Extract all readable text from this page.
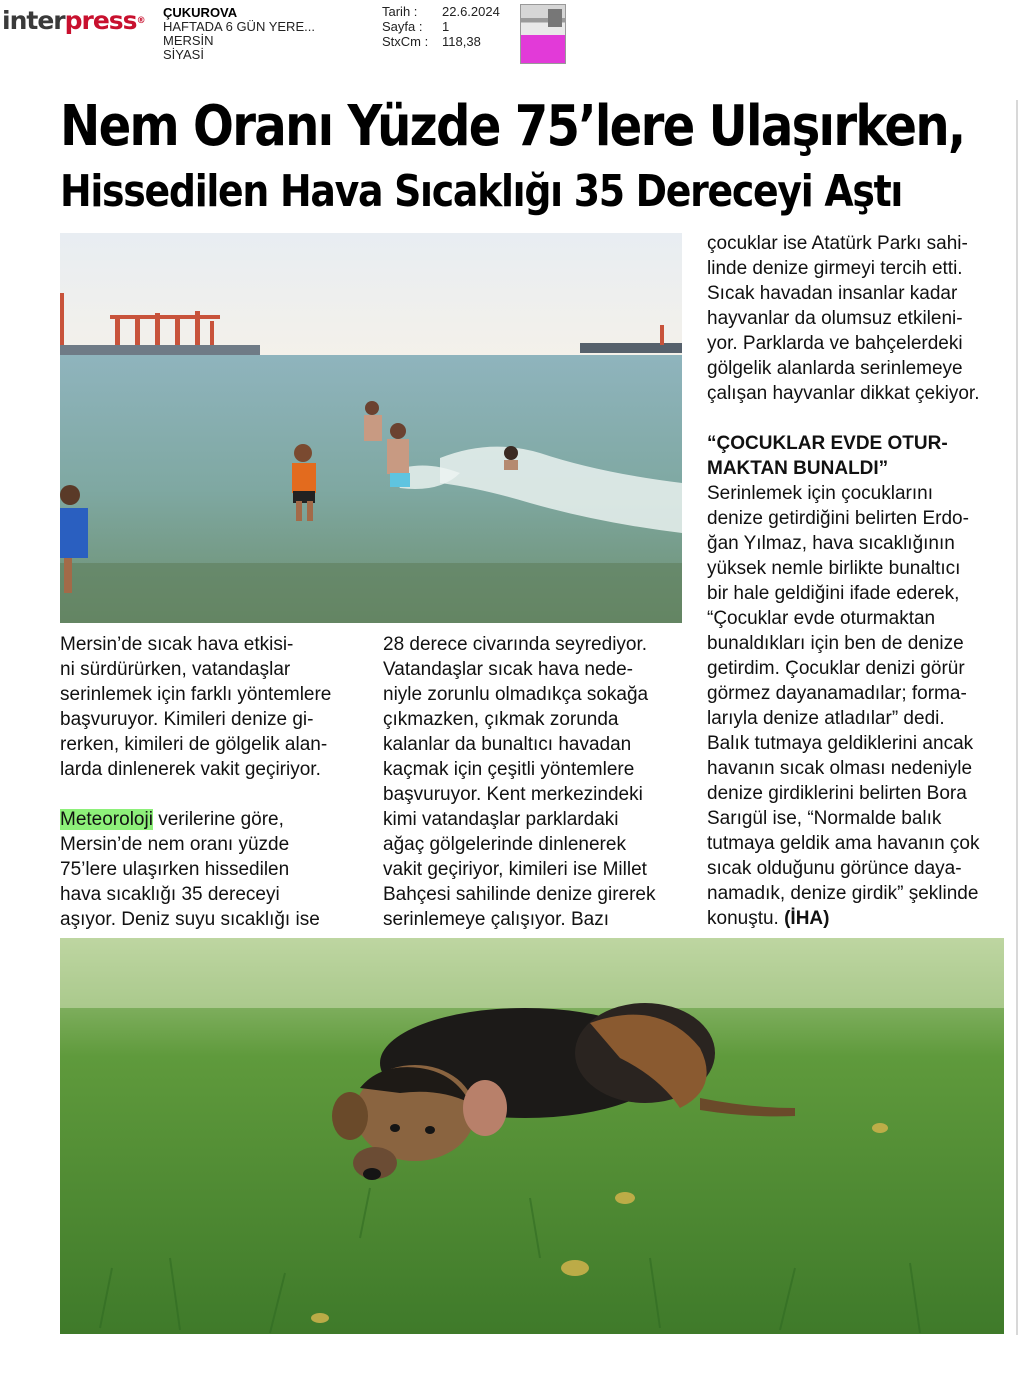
interpress®
ÇUKUROVA
HAFTADA 6 GÜN YERE...
MERSİN
SİYASİ
Tarih :	22.6.2024
Sayfa :	1
StxCm :	118,38
Nem Oranı Yüzde 75’lere Ulaşırken,
Hissedilen Hava Sıcaklığı 35 Dereceyi Aştı

Mersin’de sıcak hava etkisi-
ni sürdürürken, vatandaşlar
serinlemek için farklı yöntemlere
başvuruyor. Kimileri denize gi-
rerken, kimileri de gölgelik alan-
larda dinlenerek vakit geçiriyor.

Meteoroloji verilerine göre,
Mersin’de nem oranı yüzde
75’lere ulaşırken hissedilen
hava sıcaklığı 35 dereceyi
aşıyor. Deniz suyu sıcaklığı ise

28 derece civarında seyrediyor.
Vatandaşlar sıcak hava nede-
niyle zorunlu olmadıkça sokağa
çıkmazken, çıkmak zorunda
kalanlar da bunaltıcı havadan
kaçmak için çeşitli yöntemlere
başvuruyor. Kent merkezindeki
kimi vatandaşlar parklardaki
ağaç gölgelerinde dinlenerek
vakit geçiriyor, kimileri ise Millet
Bahçesi sahilinde denize girerek
serinlemeye çalışıyor. Bazı

çocuklar ise Atatürk Parkı sahi-
linde denize girmeyi tercih etti.
Sıcak havadan insanlar kadar
hayvanlar da olumsuz etkileni-
yor. Parklarda ve bahçelerdeki
gölgelik alanlarda serinlemeye
çalışan hayvanlar dikkat çekiyor.

“ÇOCUKLAR EVDE OTUR-
MAKTAN BUNALDI”

Serinlemek için çocuklarını
denize getirdiğini belirten Erdo-
ğan Yılmaz, hava sıcaklığının
yüksek nemle birlikte bunaltıcı
bir hale geldiğini ifade ederek,
“Çocuklar evde oturmaktan
bunaldıkları için ben de denize
getirdim. Çocuklar denizi görür
görmez dayanamadılar; forma-
larıyla denize atladılar” dedi.
Balık tutmaya geldiklerini ancak
havanın sıcak olması nedeniyle
denize girdiklerini belirten Bora
Sarıgül ise, “Normalde balık
tutmaya geldik ama havanın çok
sıcak olduğunu görünce daya-
namadık, denize girdik” şeklinde
konuştu. (İHA)
